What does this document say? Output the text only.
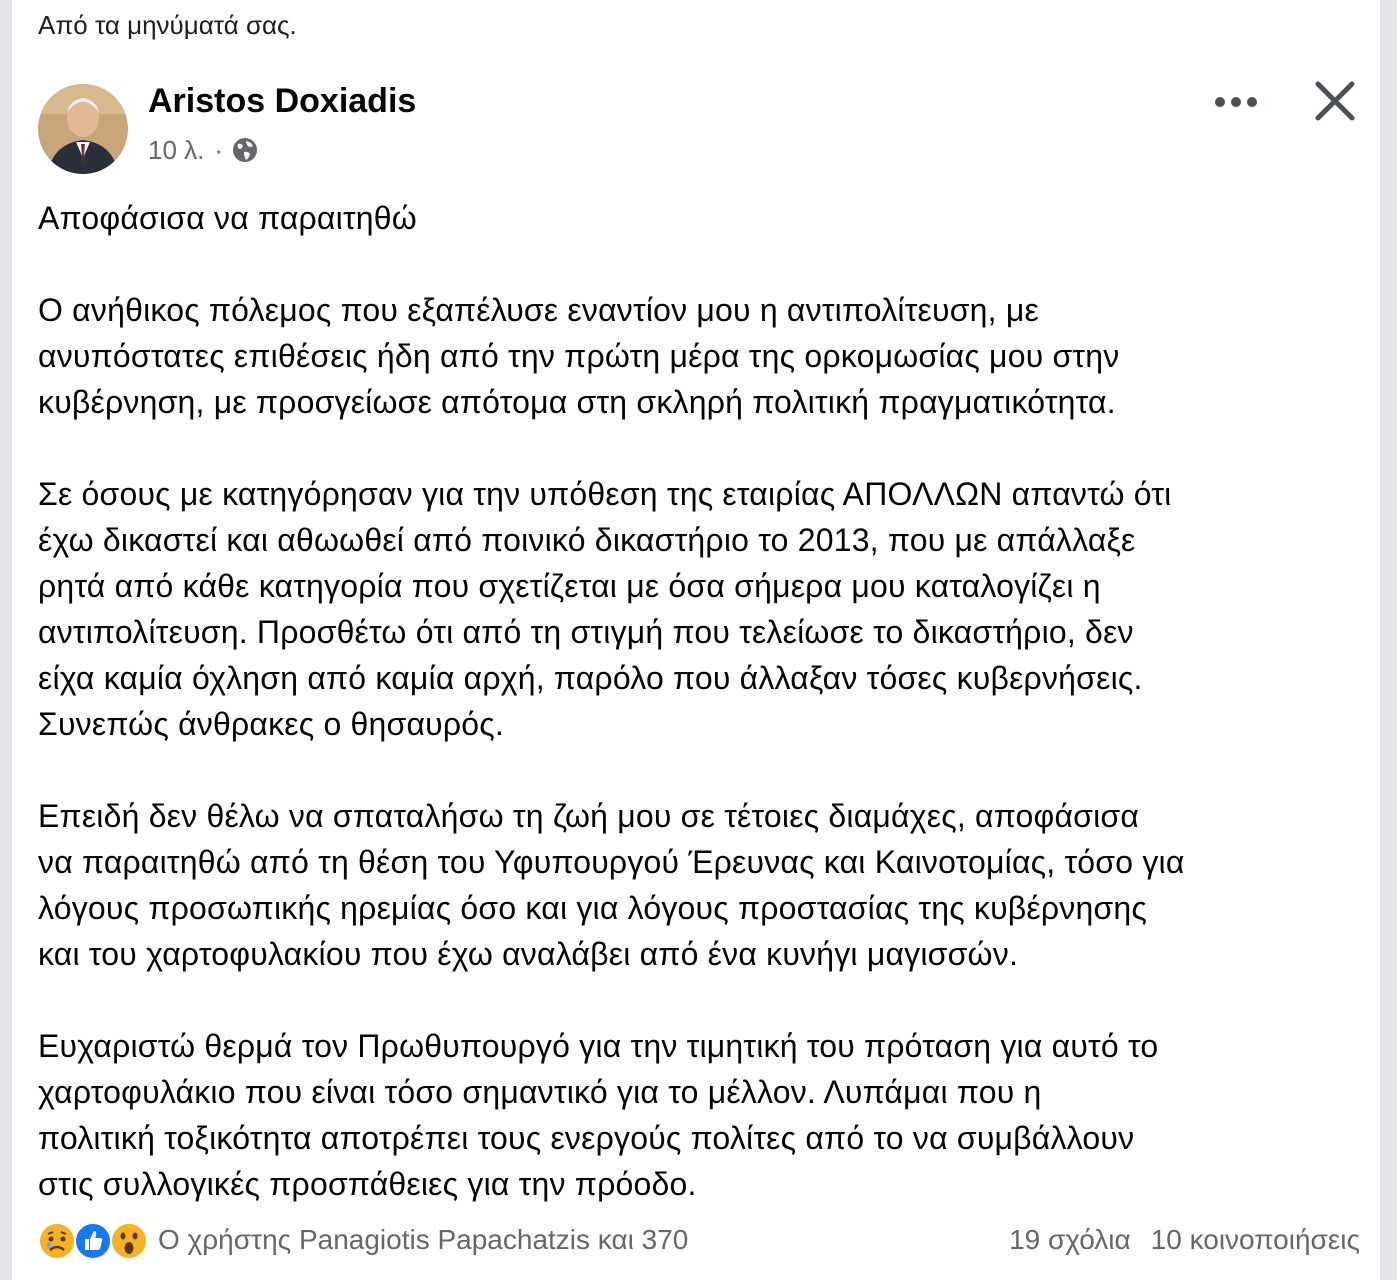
Από τα μηνύματά σας.
Aristos Doxiadis
10 λ. ·

Αποφάσισα να παραιτηθώ

Ο ανήθικος πόλεμος που εξαπέλυσε εναντίον μου η αντιπολίτευση, με
ανυπόστατες επιθέσεις ήδη από την πρώτη μέρα της ορκομωσίας μου στην
κυβέρνηση, με προσγείωσε απότομα στη σκληρή πολιτική πραγματικότητα.

Σε όσους με κατηγόρησαν για την υπόθεση της εταιρίας ΑΠΟΛΛΩΝ απαντώ ότι
έχω δικαστεί και αθωωθεί από ποινικό δικαστήριο το 2013, που με απάλλαξε
ρητά από κάθε κατηγορία που σχετίζεται με όσα σήμερα μου καταλογίζει η
αντιπολίτευση. Προσθέτω ότι από τη στιγμή που τελείωσε το δικαστήριο, δεν
είχα καμία όχληση από καμία αρχή, παρόλο που άλλαξαν τόσες κυβερνήσεις.
Συνεπώς άνθρακες ο θησαυρός.

Επειδή δεν θέλω να σπαταλήσω τη ζωή μου σε τέτοιες διαμάχες, αποφάσισα
να παραιτηθώ από τη θέση του Υφυπουργού Έρευνας και Καινοτομίας, τόσο για
λόγους προσωπικής ηρεμίας όσο και για λόγους προστασίας της κυβέρνησης
και του χαρτοφυλακίου που έχω αναλάβει από ένα κυνήγι μαγισσών.

Ευχαριστώ θερμά τον Πρωθυπουργό για την τιμητική του πρόταση για αυτό το
χαρτοφυλάκιο που είναι τόσο σημαντικό για το μέλλον. Λυπάμαι που η
πολιτική τοξικότητα αποτρέπει τους ενεργούς πολίτες από το να συμβάλλουν
στις συλλογικές προσπάθειες για την πρόοδο.

Ο χρήστης Panagiotis Papachatzis και 370	19 σχόλια 10 κοινοποιήσεις
